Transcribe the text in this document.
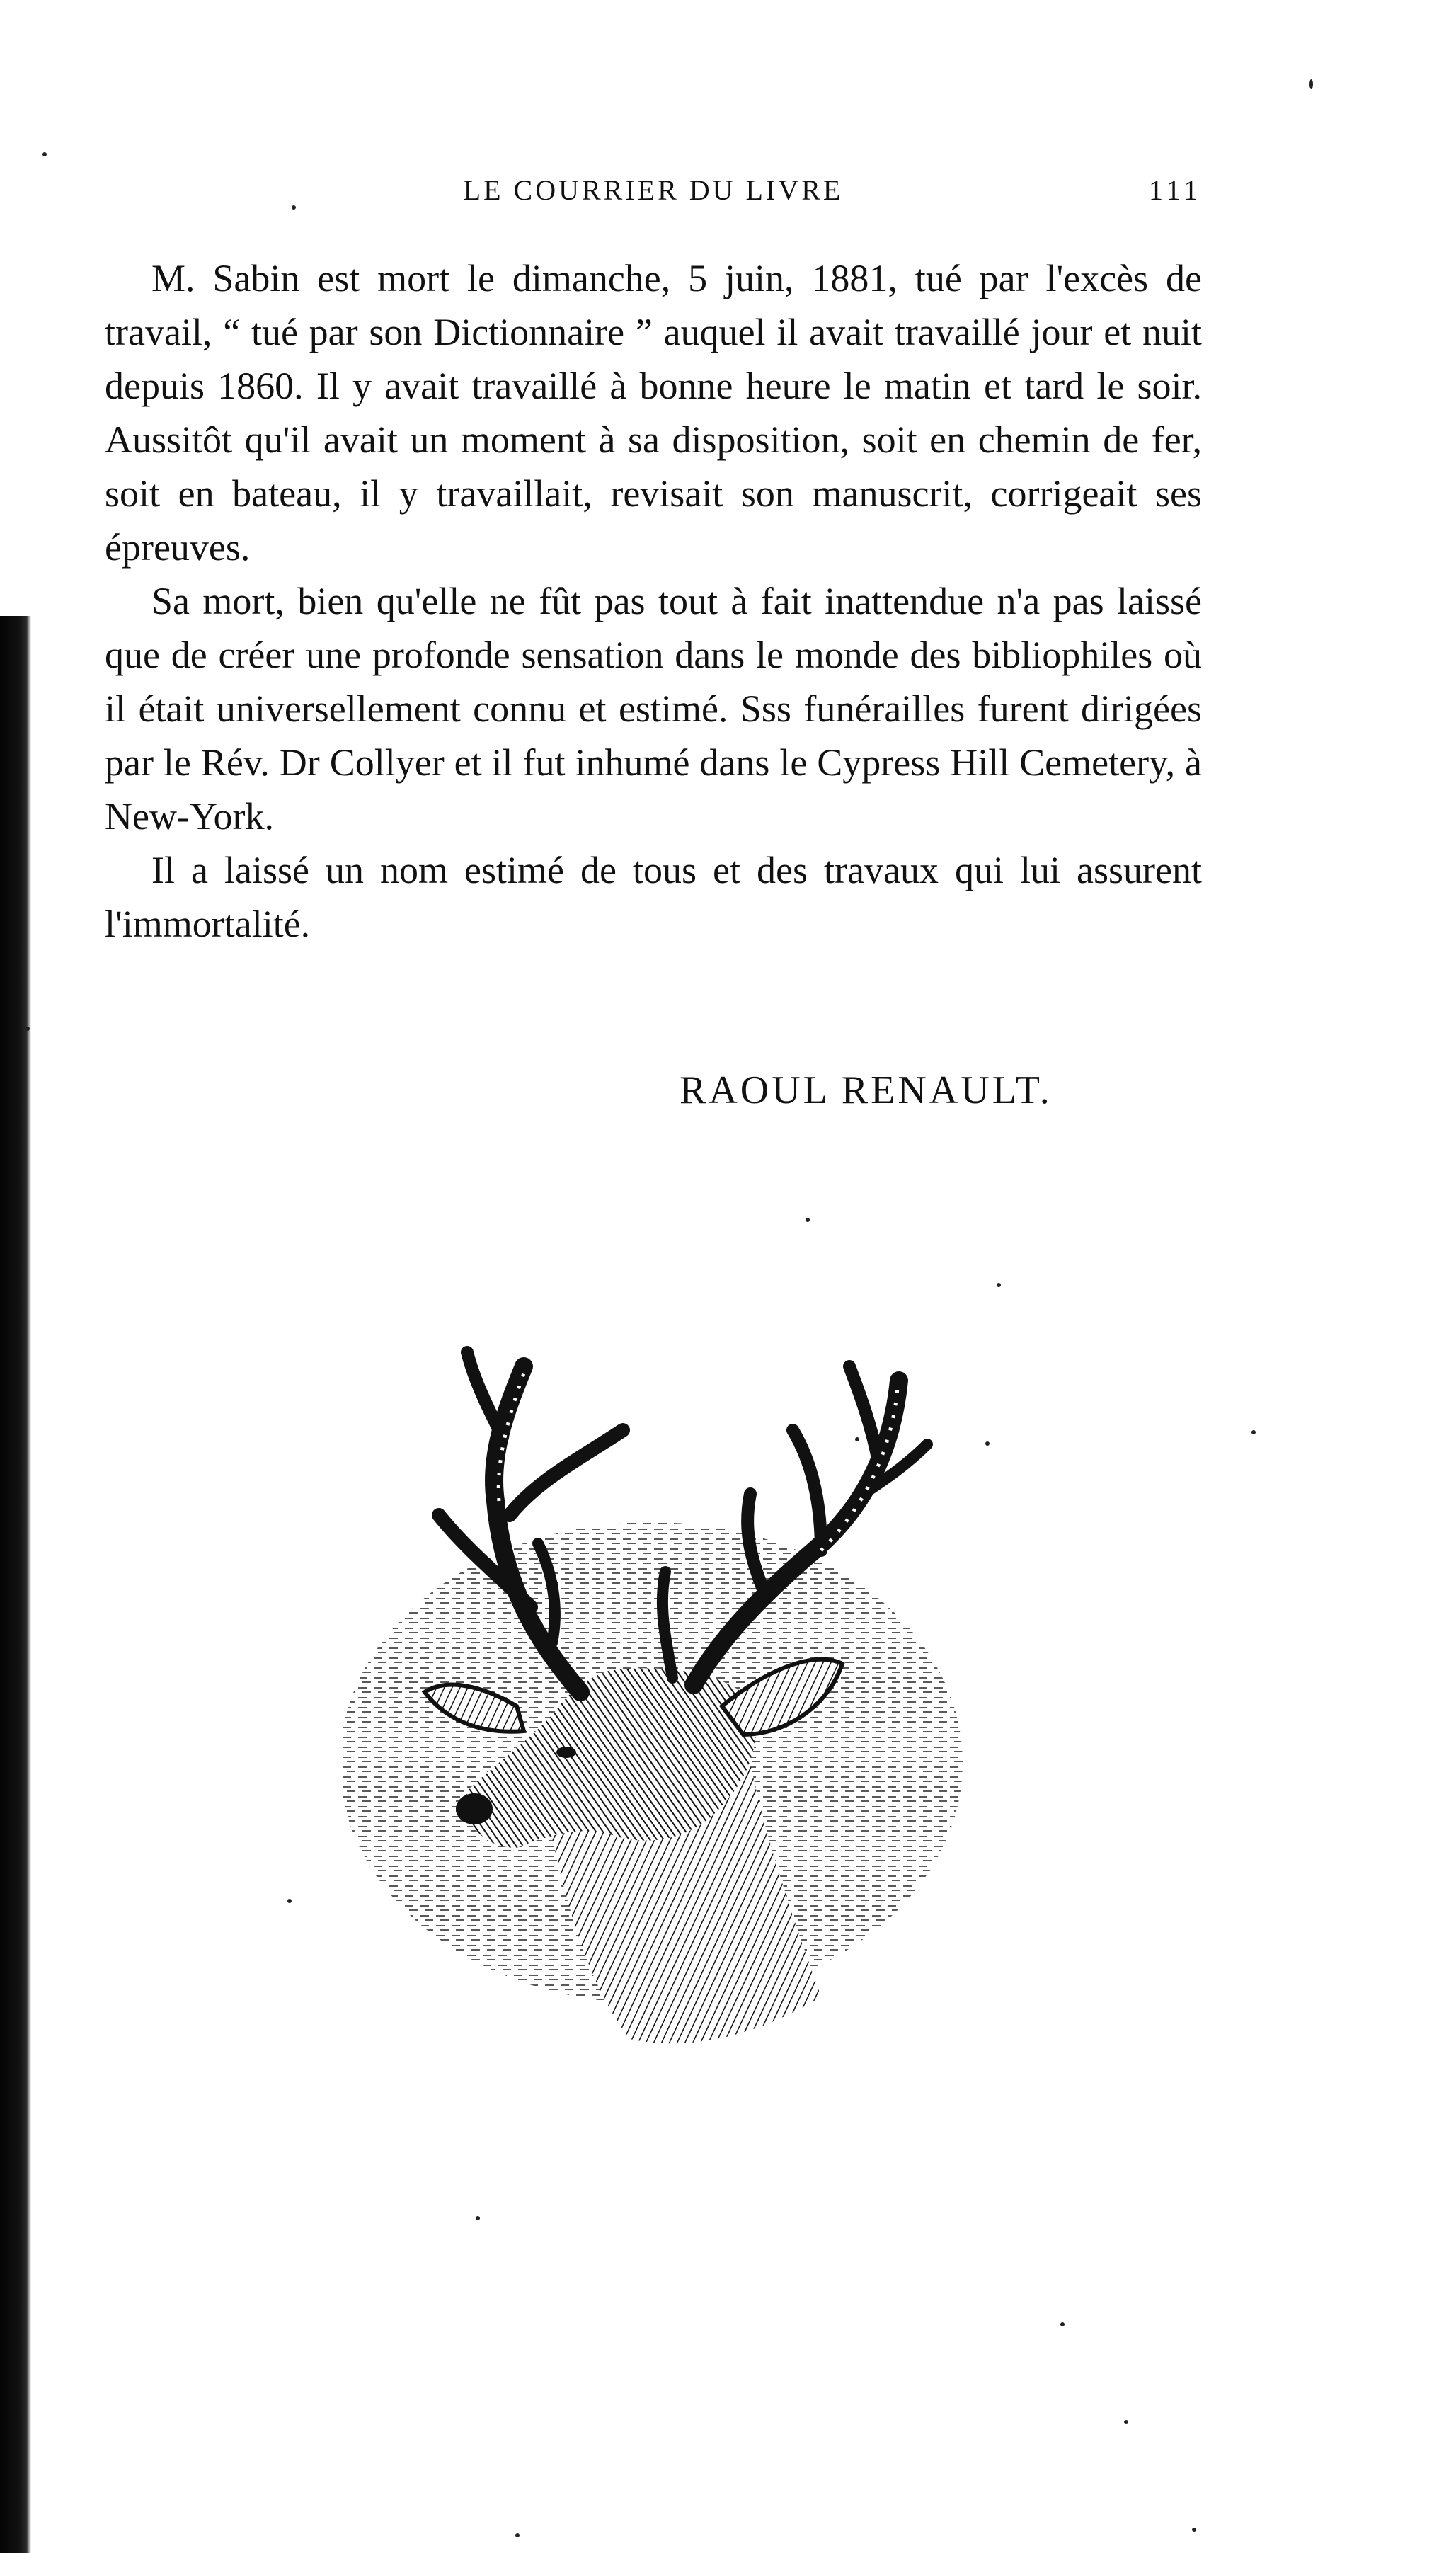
LE COURRIER DU LIVRE	111

M. Sabin est mort le dimanche, 5 juin, 1881, tué par l'excès de travail, “ tué par son Dictionnaire ” auquel il avait travaillé jour et nuit depuis 1860. Il y avait travaillé à bonne heure le matin et tard le soir. Aussitôt qu'il avait un moment à sa disposition, soit en chemin de fer, soit en bateau, il y travaillait, revisait son manuscrit, corrigeait ses épreuves.

Sa mort, bien qu'elle ne fût pas tout à fait inattendue n'a pas laissé que de créer une profonde sensation dans le monde des bibliophiles où il était universellement connu et estimé. Sss funérailles furent dirigées par le Rév. Dr Collyer et il fut inhumé dans le Cypress Hill Cemetery, à New-York.

Il a laissé un nom estimé de tous et des travaux qui lui assurent l'immortalité.

RAOUL RENAULT.
